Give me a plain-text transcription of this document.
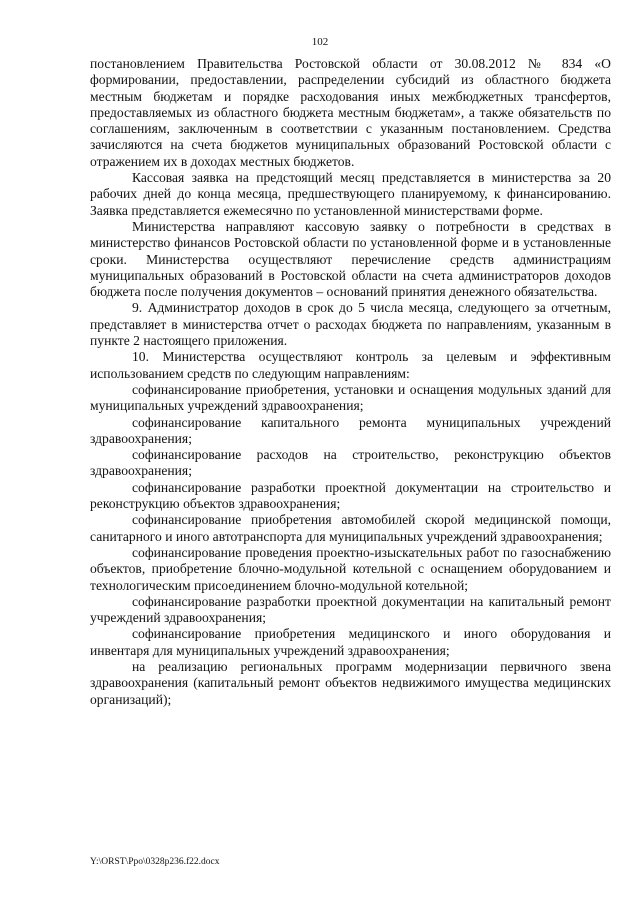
102

постановлением Правительства Ростовской области от 30.08.2012 № 834 «О формировании, предоставлении, распределении субсидий из областного бюджета местным бюджетам и порядке расходования иных межбюджетных трансфертов, предоставляемых из областного бюджета местным бюджетам», а также обязательств по соглашениям, заключенным в соответствии с указанным постановлением. Средства зачисляются на счета бюджетов муниципальных образований Ростовской области с отражением их в доходах местных бюджетов.

Кассовая заявка на предстоящий месяц представляется в министерства за 20 рабочих дней до конца месяца, предшествующего планируемому, к финансированию. Заявка представляется ежемесячно по установленной министерствами форме.

Министерства направляют кассовую заявку о потребности в средствах в министерство финансов Ростовской области по установленной форме и в установленные сроки. Министерства осуществляют перечисление средств администрациям муниципальных образований в Ростовской области на счета администраторов доходов бюджета после получения документов – оснований принятия денежного обязательства.

9. Администратор доходов в срок до 5 числа месяца, следующего за отчетным, представляет в министерства отчет о расходах бюджета по направлениям, указанным в пункте 2 настоящего приложения.

10. Министерства осуществляют контроль за целевым и эффективным использованием средств по следующим направлениям:

софинансирование приобретения, установки и оснащения модульных зданий для муниципальных учреждений здравоохранения;

софинансирование капитального ремонта муниципальных учреждений здравоохранения;

софинансирование расходов на строительство, реконструкцию объектов здравоохранения;

софинансирование разработки проектной документации на строительство и реконструкцию объектов здравоохранения;

софинансирование приобретения автомобилей скорой медицинской помощи, санитарного и иного автотранспорта для муниципальных учреждений здравоохранения;

софинансирование проведения проектно-изыскательных работ по газоснабжению объектов, приобретение блочно-модульной котельной с оснащением оборудованием и технологическим присоединением блочно-модульной котельной;

софинансирование разработки проектной документации на капитальный ремонт учреждений здравоохранения;

софинансирование приобретения медицинского и иного оборудования и инвентаря для муниципальных учреждений здравоохранения;

на реализацию региональных программ модернизации первичного звена здравоохранения (капитальный ремонт объектов недвижимого имущества медицинских организаций);

Y:\ORST\Ppo\0328p236.f22.docx
